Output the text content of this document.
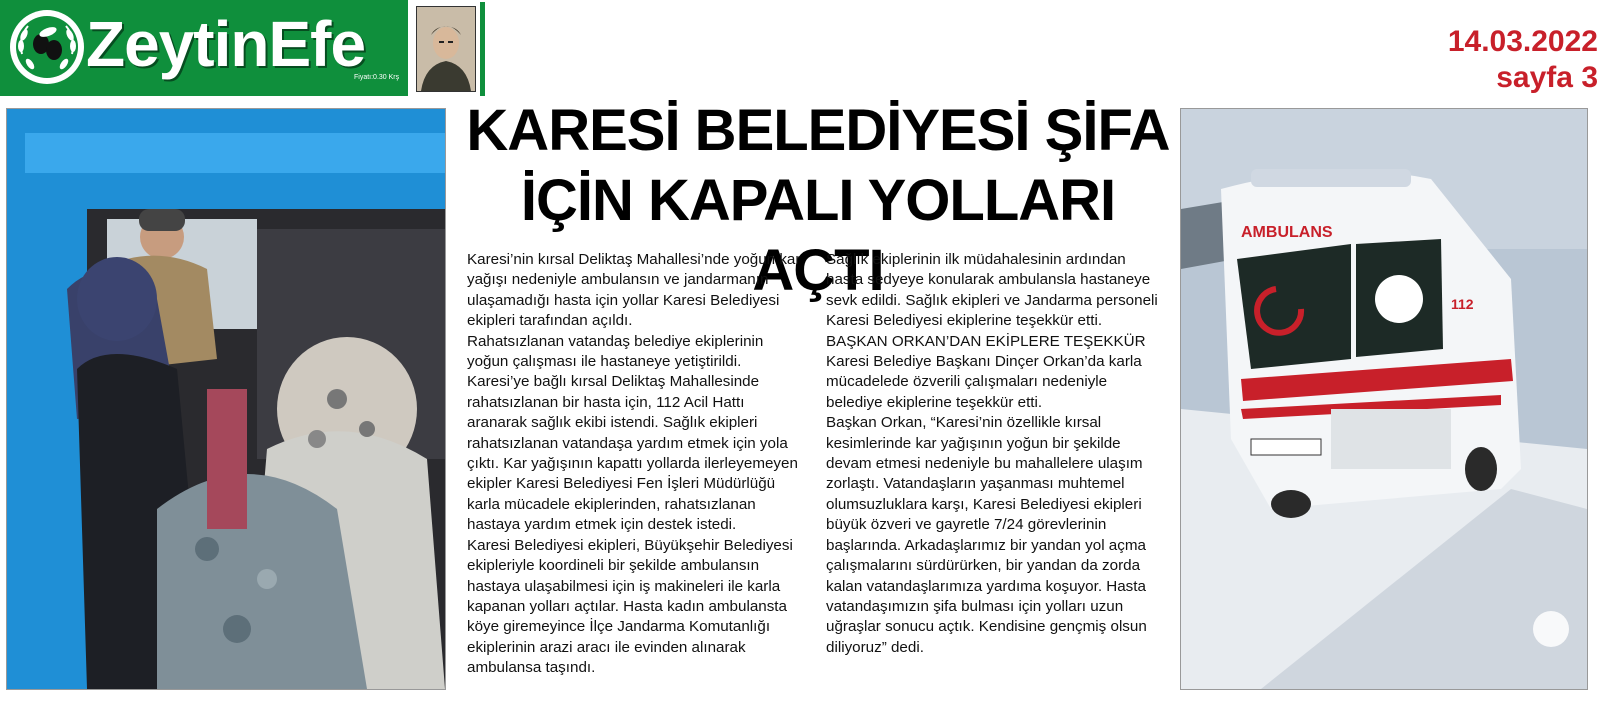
ZeytinEfe
Fiyatı:0.30 Krş
14.03.2022
sayfa 3
KARESİ BELEDİYESİ ŞİFA
İÇİN KAPALI YOLLARI AÇTI

Karesi’nin kırsal Deliktaş Mahallesi’nde yoğun kar yağışı nedeniyle ambulansın ve jandarmanın ulaşamadığı hasta için yollar Karesi Belediyesi ekipleri tarafından açıldı.

Rahatsızlanan vatandaş belediye ekiplerinin yoğun çalışması ile hastaneye yetiştirildi.

Karesi’ye bağlı kırsal Deliktaş Mahallesinde rahatsızlanan bir hasta için, 112 Acil Hattı aranarak sağlık ekibi istendi. Sağlık ekipleri rahatsızlanan vatandaşa yardım etmek için yola çıktı. Kar yağışının kapattı yollarda ilerleyemeyen ekipler Karesi Belediyesi Fen İşleri Müdürlüğü karla mücadele ekiplerinden, rahatsızlanan hastaya yardım etmek için destek istedi.

Karesi Belediyesi ekipleri, Büyükşehir Belediyesi ekipleriyle koordineli bir şekilde ambulansın hastaya ulaşabilmesi için iş makineleri ile karla kapanan yolları açtılar. Hasta kadın ambulansta köye giremeyince İlçe Jandarma Komutanlığı ekiplerinin arazi aracı ile evinden alınarak ambulansa taşındı.

Sağlık ekiplerinin ilk müdahalesinin ardından hasta sedyeye konularak ambulansla hastaneye sevk edildi. Sağlık ekipleri ve Jandarma personeli Karesi Belediyesi ekiplerine teşekkür etti.

BAŞKAN ORKAN’DAN EKİPLERE TEŞEKKÜR

Karesi Belediye Başkanı Dinçer Orkan’da karla mücadelede özverili çalışmaları nedeniyle belediye ekiplerine teşekkür etti.

Başkan Orkan, “Karesi’nin özellikle kırsal kesimlerinde kar yağışının yoğun bir şekilde devam etmesi nedeniyle bu mahallelere ulaşım zorlaştı. Vatandaşların yaşanması muhtemel olumsuzluklara karşı, Karesi Belediyesi ekipleri büyük özveri ve gayretle 7/24 görevlerinin başlarında. Arkadaşlarımız bir yandan yol açma çalışmalarını sürdürürken, bir yandan da zorda kalan vatandaşlarımıza yardıma koşuyor. Hasta vatandaşımızın şifa bulması için yolları uzun uğraşlar sonucu açtık. Kendisine gençmiş olsun diliyoruz” dedi.

AMBULANS
112
